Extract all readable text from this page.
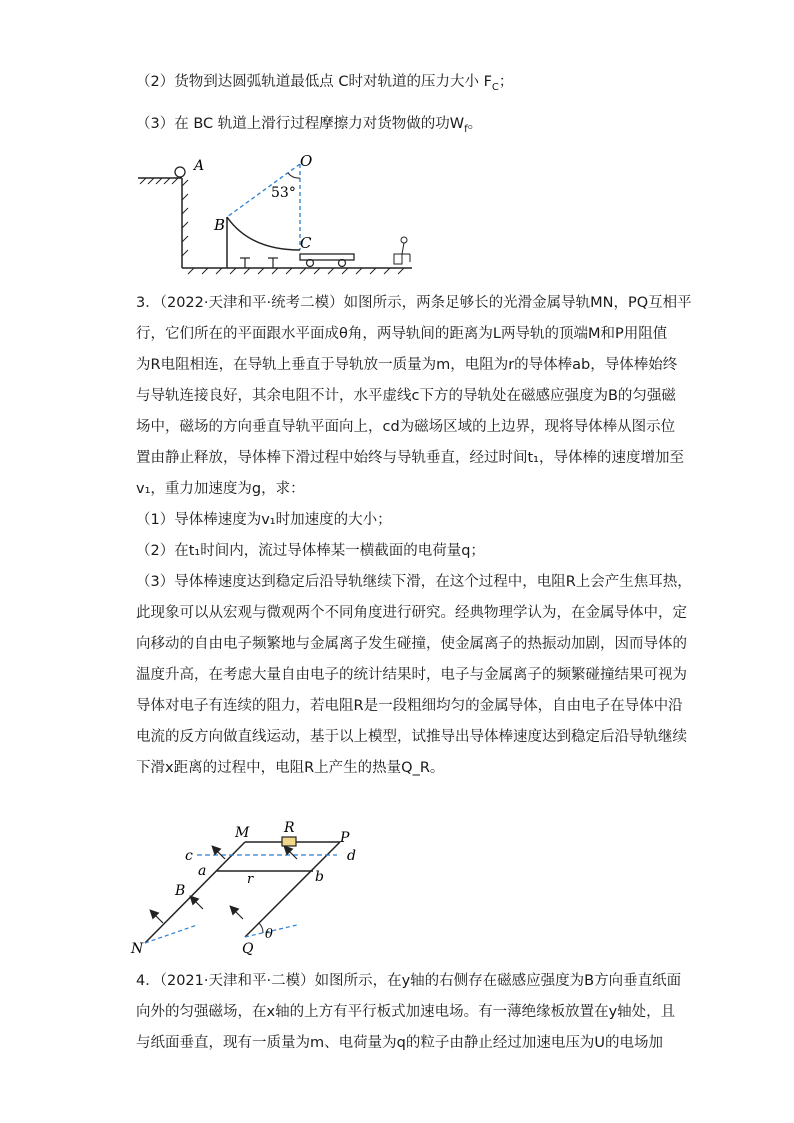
（2）货物到达圆弧轨道最低点 C时对轨道的压力大小 $F_C$；
（3）在 BC 轨道上滑行过程摩擦力对货物做的功$W_f$。
A	O
53°
B
C
3．（2022·天津和平·统考二模）如图所示，两条足够长的光滑金属导轨MN，PQ互相平
行，它们所在的平面跟水平面成θ角，两导轨间的距离为L两导轨的顶端M和P用阻值
为R电阻相连，在导轨上垂直于导轨放一质量为m，电阻为r的导体棒ab，导体棒始终
与导轨连接良好，其余电阻不计，水平虚线c下方的导轨处在磁感应强度为B的匀强磁
场中，磁场的方向垂直导轨平面向上，cd为磁场区域的上边界，现将导体棒从图示位
置由静止释放，导体棒下滑过程中始终与导轨垂直，经过时间t₁，导体棒的速度增加至
v₁，重力加速度为g，求：
（1）导体棒速度为v₁时加速度的大小；
（2）在t₁时间内，流过导体棒某一横截面的电荷量q；
（3）导体棒速度达到稳定后沿导轨继续下滑，在这个过程中，电阻R上会产生焦耳热，
此现象可以从宏观与微观两个不同角度进行研究。经典物理学认为，在金属导体中，定
向移动的自由电子频繁地与金属离子发生碰撞，使金属离子的热振动加剧，因而导体的
温度升高，在考虑大量自由电子的统计结果时，电子与金属离子的频繁碰撞结果可视为
导体对电子有连续的阻力，若电阻R是一段粗细均匀的金属导体，自由电子在导体中沿
电流的反方向做直线运动，基于以上模型，试推导出导体棒速度达到稳定后沿导轨继续
下滑x距离的过程中，电阻R上产生的热量Q_R。
R
M	P
c	d
a
r	b
B
N	Q
θ
4．（2021·天津和平·二模）如图所示，在y轴的右侧存在磁感应强度为B方向垂直纸面
向外的匀强磁场，在x轴的上方有平行板式加速电场。有一薄绝缘板放置在y轴处，且
与纸面垂直，现有一质量为m、电荷量为q的粒子由静止经过加速电压为U的电场加
